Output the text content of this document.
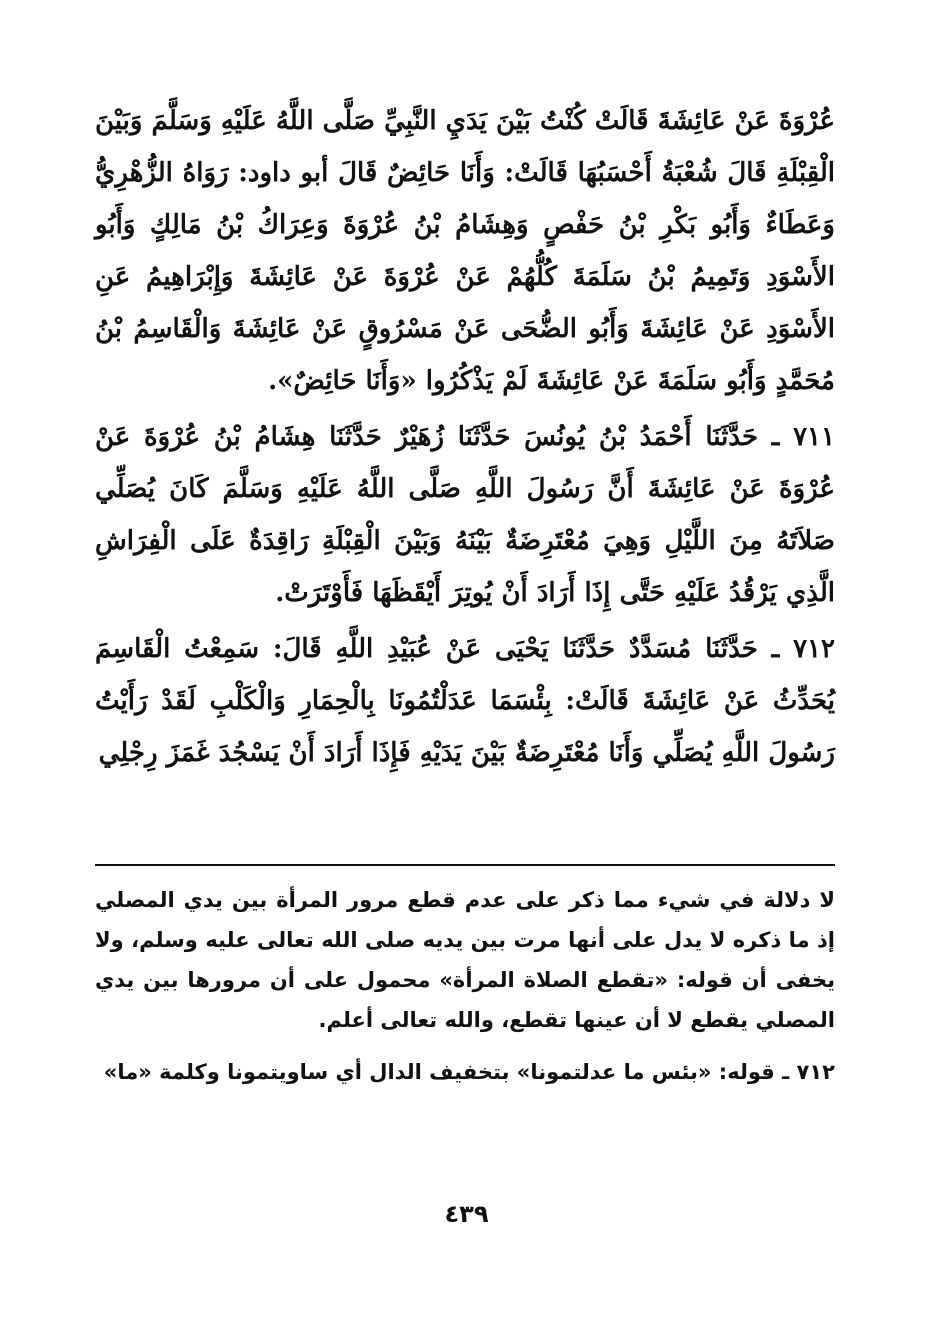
عُرْوَةَ عَنْ عَائِشَةَ قَالَتْ كُنْتُ بَيْنَ يَدَيِ النَّبِيِّ صَلَّى اللَّهُ عَلَيْهِ وَسَلَّمَ وَبَيْنَ الْقِبْلَةِ قَالَ شُعْبَةُ أَحْسَبُهَا قَالَتْ: وَأَنَا حَائِضٌ قَالَ أبو داود: رَوَاهُ الزُّهْرِيُّ وَعَطَاءٌ وَأَبُو بَكْرِ بْنُ حَفْصٍ وَهِشَامُ بْنُ عُرْوَةَ وَعِرَاكُ بْنُ مَالِكٍ وَأَبُو الأَسْوَدِ وَتَمِيمُ بْنُ سَلَمَةَ كُلُّهُمْ عَنْ عُرْوَةَ عَنْ عَائِشَةَ وَإِبْرَاهِيمُ عَنِ الأَسْوَدِ عَنْ عَائِشَةَ وَأَبُو الضُّحَى عَنْ مَسْرُوقٍ عَنْ عَائِشَةَ وَالْقَاسِمُ بْنُ مُحَمَّدٍ وَأَبُو سَلَمَةَ عَنْ عَائِشَةَ لَمْ يَذْكُرُوا «وَأَنَا حَائِضٌ».

٧١١ ـ حَدَّثَنَا أَحْمَدُ بْنُ يُونُسَ حَدَّثَنَا زُهَيْرٌ حَدَّثَنَا هِشَامُ بْنُ عُرْوَةَ عَنْ عُرْوَةَ عَنْ عَائِشَةَ أَنَّ رَسُولَ اللَّهِ صَلَّى اللَّهُ عَلَيْهِ وَسَلَّمَ كَانَ يُصَلِّي صَلاَتَهُ مِنَ اللَّيْلِ وَهِيَ مُعْتَرِضَةٌ بَيْنَهُ وَبَيْنَ الْقِبْلَةِ رَاقِدَةٌ عَلَى الْفِرَاشِ الَّذِي يَرْقُدُ عَلَيْهِ حَتَّى إِذَا أَرَادَ أَنْ يُوتِرَ أَيْقَظَهَا فَأَوْتَرَتْ.

٧١٢ ـ حَدَّثَنَا مُسَدَّدٌ حَدَّثَنَا يَحْيَى عَنْ عُبَيْدِ اللَّهِ قَالَ: سَمِعْتُ الْقَاسِمَ يُحَدِّثُ عَنْ عَائِشَةَ قَالَتْ: بِئْسَمَا عَدَلْتُمُونَا بِالْحِمَارِ وَالْكَلْبِ لَقَدْ رَأَيْتُ رَسُولَ اللَّهِ يُصَلِّي وَأَنَا مُعْتَرِضَةٌ بَيْنَ يَدَيْهِ فَإِذَا أَرَادَ أَنْ يَسْجُدَ غَمَزَ رِجْلِي

لا دلالة في شيء مما ذكر على عدم قطع مرور المرأة بين يدي المصلي إذ ما ذكره لا يدل على أنها مرت بين يديه صلى الله تعالى عليه وسلم، ولا يخفى أن قوله: «تقطع الصلاة المرأة» محمول على أن مرورها بين يدي المصلي يقطع لا أن عينها تقطع، والله تعالى أعلم.

٧١٢ ـ قوله: «بئس ما عدلتمونا» بتخفيف الدال أي ساويتمونا وكلمة «ما»

٤٣٩
